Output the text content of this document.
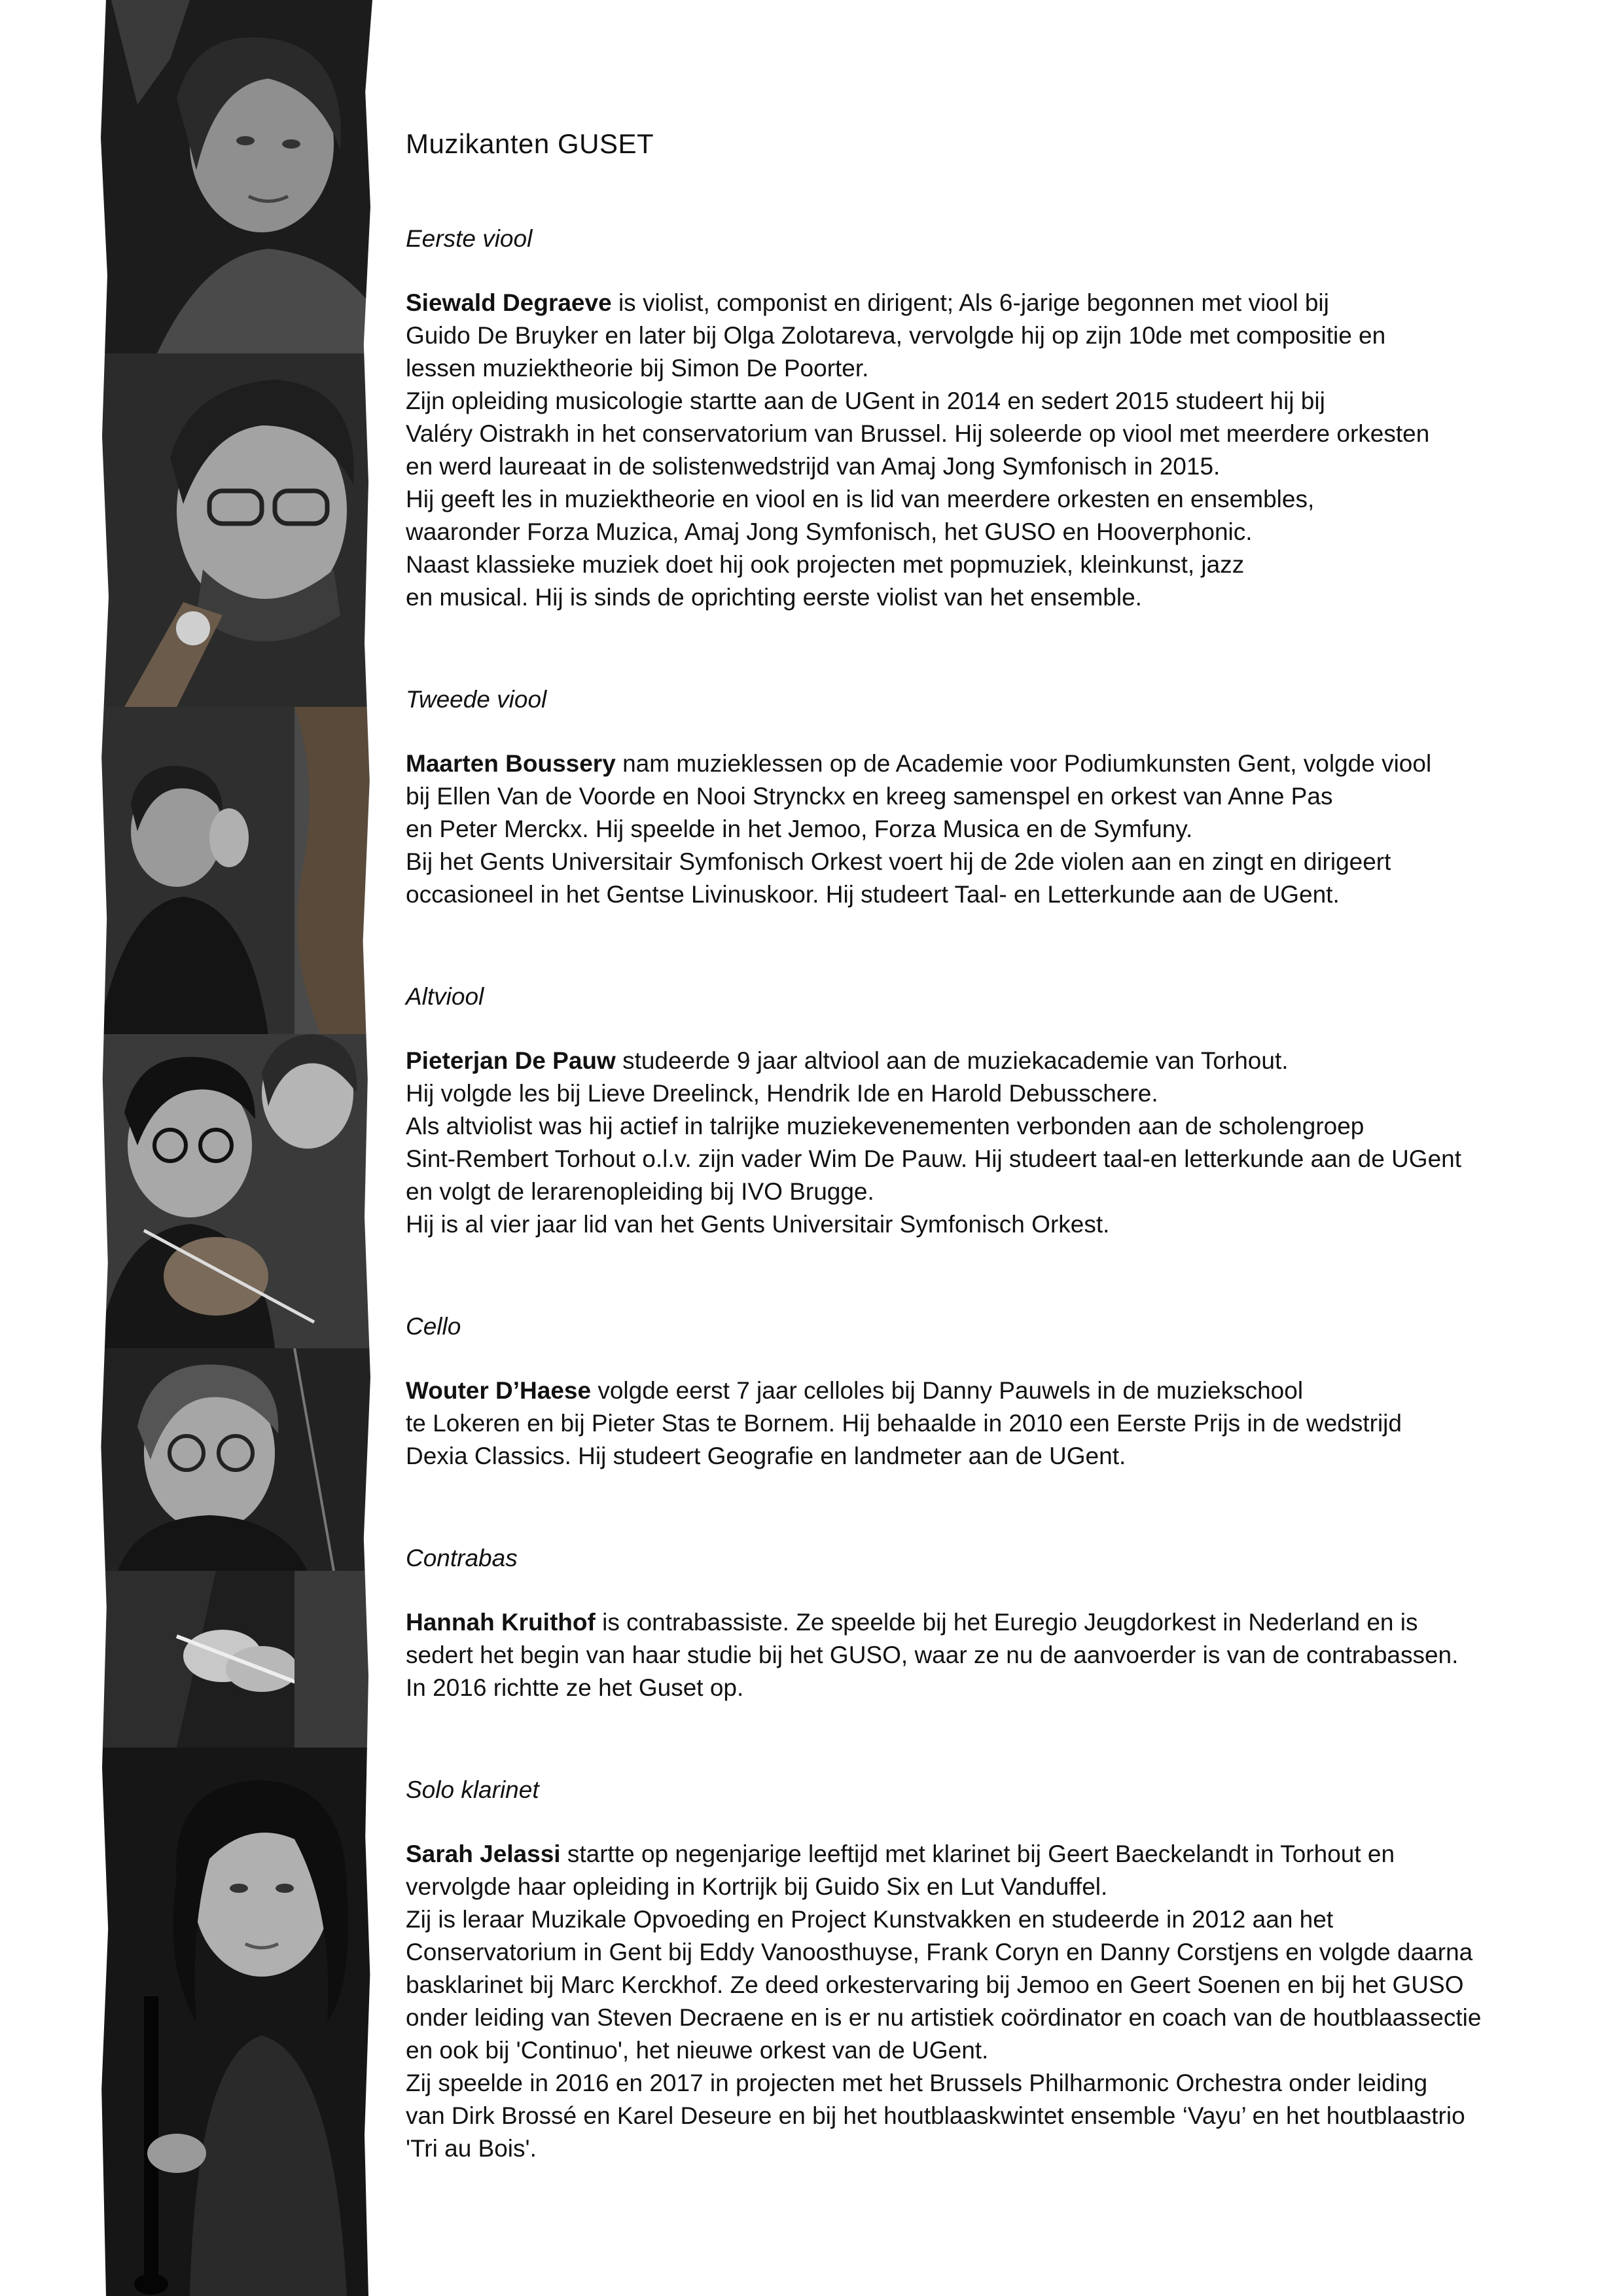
Muzikanten GUSET

Eerste viool

Siewald Degraeve is violist, componist en dirigent; Als 6-jarige begonnen met viool bij
Guido De Bruyker en later bij Olga Zolotareva, vervolgde hij op zijn 10de met compositie en
lessen muziektheorie bij Simon De Poorter.
Zijn opleiding musicologie startte aan de UGent in 2014 en sedert 2015 studeert hij bij
Valéry Oistrakh in het conservatorium van Brussel. Hij soleerde op viool met meerdere orkesten
en werd laureaat in de solistenwedstrijd van Amaj Jong Symfonisch in 2015.
Hij geeft les in muziektheorie en viool en is lid van meerdere orkesten en ensembles,
waaronder Forza Muzica, Amaj Jong Symfonisch, het GUSO en Hooverphonic.
Naast klassieke muziek doet hij ook projecten met popmuziek, kleinkunst, jazz
en musical. Hij is sinds de oprichting eerste violist van het ensemble.

Tweede viool

Maarten Boussery nam muzieklessen op de Academie voor Podiumkunsten Gent, volgde viool
bij Ellen Van de Voorde en Nooi Strynckx en kreeg samenspel en orkest van Anne Pas
en Peter Merckx. Hij speelde in het Jemoo, Forza Musica en de Symfuny.
Bij het Gents Universitair Symfonisch Orkest voert hij de 2de violen aan en zingt en dirigeert
occasioneel in het Gentse Livinuskoor. Hij studeert Taal- en Letterkunde aan de UGent.

Altviool

Pieterjan De Pauw studeerde 9 jaar altviool aan de muziekacademie van Torhout.
Hij volgde les bij Lieve Dreelinck, Hendrik Ide en Harold Debusschere.
Als altviolist was hij actief in talrijke muziekevenementen verbonden aan de scholengroep
Sint-Rembert Torhout o.l.v. zijn vader Wim De Pauw. Hij studeert taal-en letterkunde aan de UGent
en volgt de lerarenopleiding bij IVO Brugge.
Hij is al vier jaar lid van het Gents Universitair Symfonisch Orkest.

Cello

Wouter D’Haese volgde eerst 7 jaar celloles bij Danny Pauwels in de muziekschool
te Lokeren en bij Pieter Stas te Bornem. Hij behaalde in 2010 een Eerste Prijs in de wedstrijd
Dexia Classics. Hij studeert Geografie en landmeter aan de UGent.

Contrabas

Hannah Kruithof is contrabassiste. Ze speelde bij het Euregio Jeugdorkest in Nederland en is
sedert het begin van haar studie bij het GUSO, waar ze nu de aanvoerder is van de contrabassen.
In 2016 richtte ze het Guset op.

Solo klarinet

Sarah Jelassi startte op negenjarige leeftijd met klarinet bij Geert Baeckelandt in Torhout en
vervolgde haar opleiding in Kortrijk bij Guido Six en Lut Vanduffel.
Zij is leraar Muzikale Opvoeding en Project Kunstvakken en studeerde in 2012 aan het
Conservatorium in Gent bij Eddy Vanoosthuyse, Frank Coryn en Danny Corstjens en volgde daarna
basklarinet bij Marc Kerckhof. Ze deed orkestervaring bij Jemoo en Geert Soenen en bij het GUSO
onder leiding van Steven Decraene en is er nu artistiek coördinator en coach van de houtblaassectie
en ook bij 'Continuo', het nieuwe orkest van de UGent.
Zij speelde in 2016 en 2017 in projecten met het Brussels Philharmonic Orchestra onder leiding
van Dirk Brossé en Karel Deseure en bij het houtblaaskwintet ensemble ‘Vayu’ en het houtblaastrio
'Tri au Bois'.
